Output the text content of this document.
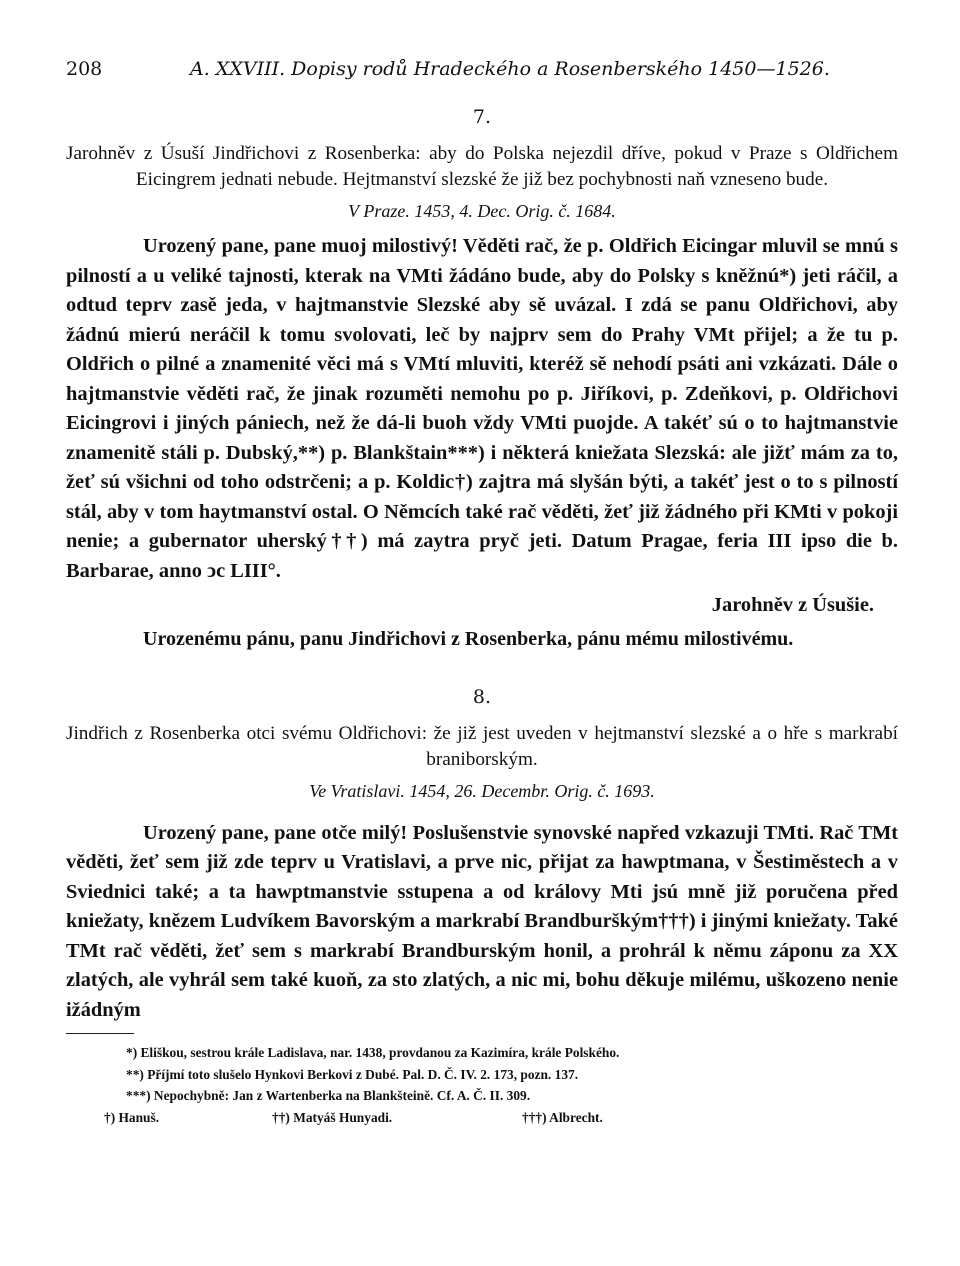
208	A. XXVIII. Dopisy rodů Hradeckého a Rosenberského 1450—1526.
7.
Jarohněv z Úsuší Jindřichovi z Rosenberka: aby do Polska nejezdil dříve, pokud v Praze s Oldřichem Eicingrem jednati nebude. Hejtmanství slezské že již bez pochybnosti naň vzneseno bude.
V Praze. 1453, 4. Dec. Orig. č. 1684.

Urozený pane, pane muoj milostivý! Věděti rač, že p. Oldřich Eicingar mluvil se mnú s pilností a u veliké tajnosti, kterak na VMti žádáno bude, aby do Polsky s kněžnú*) jeti ráčil, a odtud teprv zasě jeda, v hajtmanstvie Slezské aby sě uvázal. I zdá se panu Oldřichovi, aby žádnú mierú neráčil k tomu svolovati, leč by najprv sem do Prahy VMt přijel; a že tu p. Oldřich o pilné a znamenité věci má s VMtí mluviti, kteréž sě nehodí psáti ani vzkázati. Dále o hajtmanstvie věděti rač, že jinak rozuměti nemohu po p. Jiříkovi, p. Zdeňkovi, p. Oldřichovi Eicingrovi i jiných pániech, než že dá-li buoh vždy VMti puojde. A takéť sú o to hajtmanstvie znamenitě stáli p. Dubský,**) p. Blankštain***) i některá kniežata Slezská: ale jižť mám za to, žeť sú všichni od toho odstrčeni; a p. Koldic†) zajtra má slyšán býti, a takéť jest o to s pilností stál, aby v tom haytmanství ostal. O Němcích také rač věděti, žeť již žádného při KMti v pokoji nenie; a gubernator uherský††) má zaytra pryč jeti. Datum Pragae, feria III ipso die b. Barbarae, anno ↄc LIII°.

Jarohněv z Úsušie.
Urozenému pánu, panu Jindřichovi z Rosenberka, pánu mému milostivému.
8.
Jindřich z Rosenberka otci svému Oldřichovi: že již jest uveden v hejtmanství slezské a o hře s markrabí braniborským.
Ve Vratislavi. 1454, 26. Decembr. Orig. č. 1693.

Urozený pane, pane otče milý! Poslušenstvie synovské napřed vzkazuji TMti. Rač TMt věděti, žeť sem již zde teprv u Vratislavi, a prve nic, přijat za hawptmana, v Šestiměstech a v Sviednici také; a ta hawptmanstvie sstupena a od královy Mti jsú mně již poručena před kniežaty, knězem Ludvíkem Bavorským a markrabí Brandburškým†††) i jinými kniežaty. Také TMt rač věděti, žeť sem s markrabí Brandburským honil, a prohrál k němu záponu za XX zlatých, ale vyhrál sem také kuoň, za sto zlatých, a nic mi, bohu děkuje milému, uškozeno nenie ižádným

*) Eliškou, sestrou krále Ladislava, nar. 1438, provdanou za Kazimíra, krále Polského.
**) Příjmí toto slušelo Hynkovi Berkovi z Dubé. Pal. D. Č. IV. 2. 173, pozn. 137.
***) Nepochybně: Jan z Wartenberka na Blankšteině. Cf. A. Č. II. 309.
†) Hanuš.	††) Matyáš Hunyadi.	†††) Albrecht.
